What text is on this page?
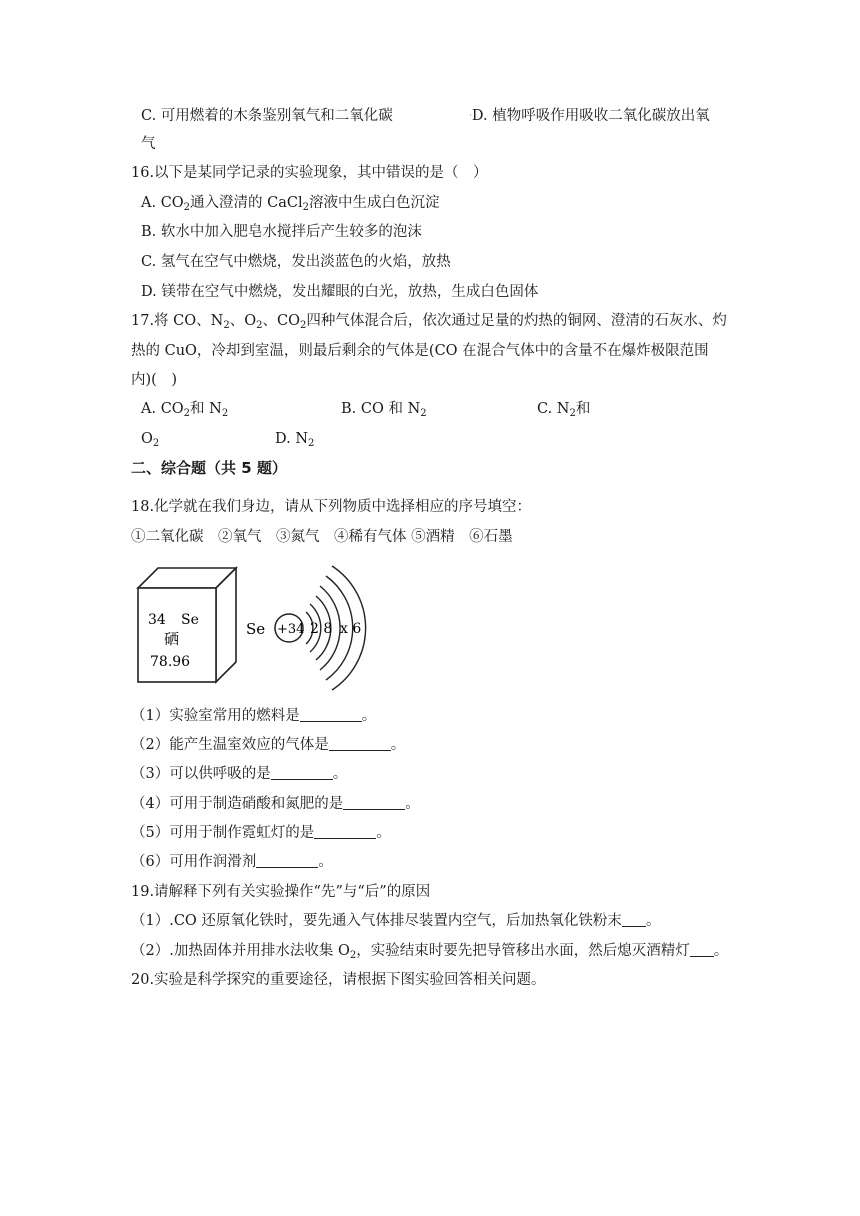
C. 可用燃着的木条鉴别氧气和二氧化碳	·D. 植物呼吸作用吸收二氧化碳放出氧
气
16.以下是某同学记录的实验现象，其中错误的是（　）
A. $CO_2$通入澄清的 CaCl$_2$溶液中生成白色沉淀
B. 软水中加入肥皂水搅拌后产生较多的泡沫
C. 氢气在空气中燃烧，发出淡蓝色的火焰，放热
D. 镁带在空气中燃烧，发出耀眼的白光，放热，生成白色固体
17.将 CO、$N_2$、$O_2$、$CO_2$四种气体混合后，依次通过足量的灼热的铜网、澄清的石灰水、灼
热的 CuO，冷却到室温，则最后剩余的气体是(CO 在混合气体中的含量不在爆炸极限范围
内)(　)
A. $CO_2$和 $N_2$	B. CO 和 $N_2$	C. $N_2$和
$O_2$	D. $N_2$
二、综合题（共 5 题）
18.化学就在我们身边，请从下列物质中选择相应的序号填空：
①二氧化碳　②氧气　③氮气　④稀有气体 ⑤酒精　⑥石墨
34 Se
硒
78.96
Se +34 2 8 x 6
（1）实验室常用的燃料是	。
（2）能产生温室效应的气体是	。
（3）可以供呼吸的是	。
（4）可用于制造硝酸和氮肥的是	。
（5）可用于制作霓虹灯的是	。
（6）可用作润滑剂	。
19.请解释下列有关实验操作“先”与“后”的原因
（1）.CO 还原氧化铁时，要先通入气体排尽装置内空气，后加热氧化铁粉末 。
（2）.加热固体并用排水法收集 $O_2$，实验结束时要先把导管移出水面，然后熄灭酒精灯 。
20.实验是科学探究的重要途径，请根据下图实验回答相关问题。
